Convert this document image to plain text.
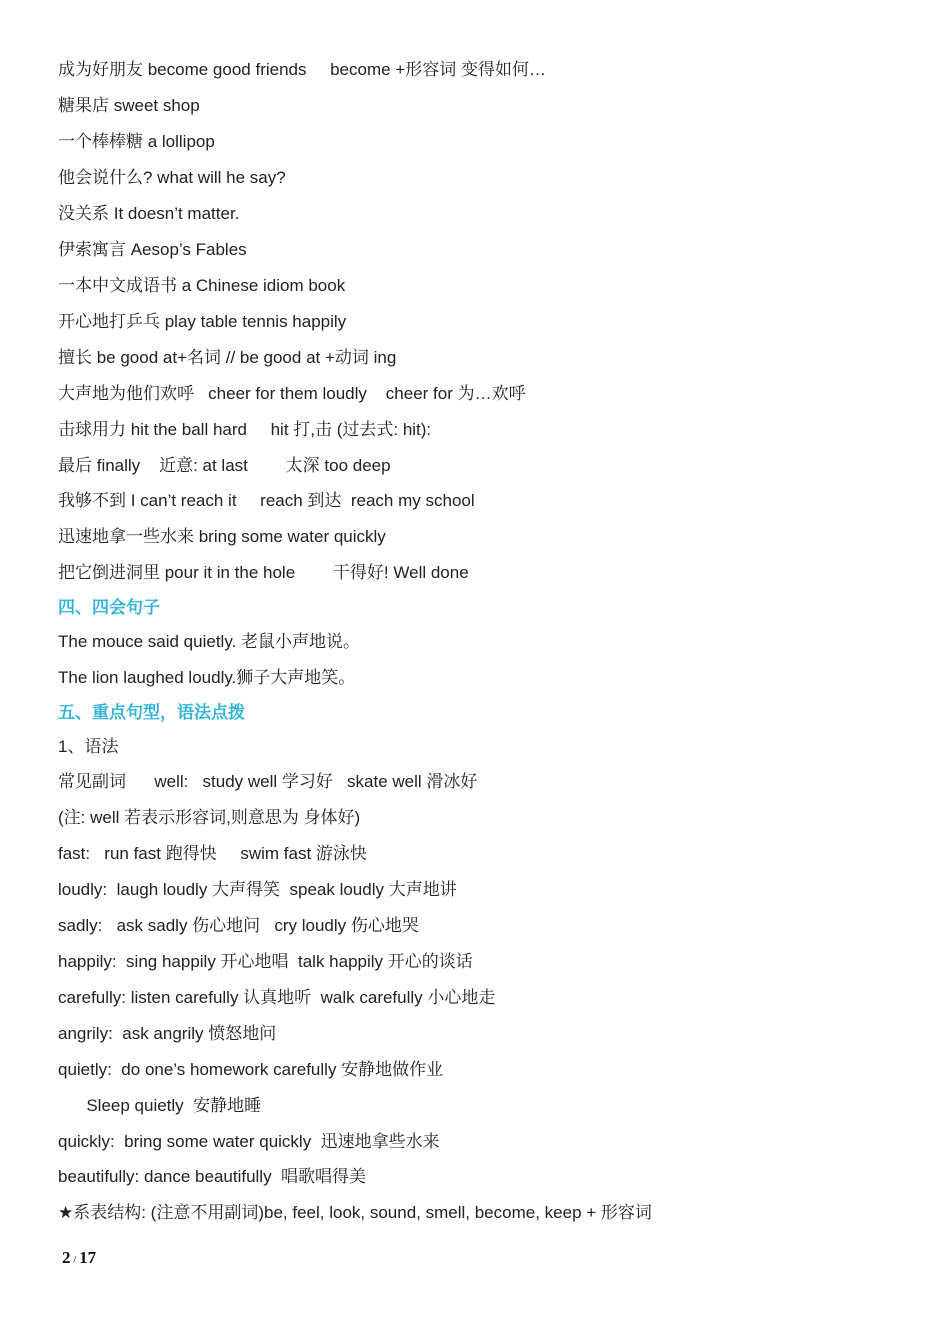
成为好朋友 become good friends     become +形容词 变得如何…
糖果店 sweet shop
一个棒棒糖 a lollipop
他会说什么? what will he say?
没关系 It doesn’t matter.
伊索寓言 Aesop’s Fables
一本中文成语书 a Chinese idiom book
开心地打乒乓 play table tennis happily
擅长 be good at+名词 // be good at +动词 ing
大声地为他们欢呼   cheer for them loudly    cheer for 为…欢呼
击球用力 hit the ball hard     hit 打,击 (过去式: hit):
最后 finally    近意: at last        太深 too deep
我够不到 I can’t reach it     reach 到达  reach my school
迅速地拿一些水来 bring some water quickly
把它倒进洞里 pour it in the hole        干得好! Well done
四、四会句子
The mouce said quietly. 老鼠小声地说。
The lion laughed loudly.狮子大声地笑。
五、重点句型，语法点拨
1、语法
常见副词      well:   study well 学习好   skate well 滑冰好
(注: well 若表示形容词,则意思为 身体好)
fast:   run fast 跑得快     swim fast 游泳快
loudly:  laugh loudly 大声得笑  speak loudly 大声地讲
sadly:   ask sadly 伤心地问   cry loudly 伤心地哭
happily:  sing happily 开心地唱  talk happily 开心的谈话
carefully: listen carefully 认真地听  walk carefully 小心地走
angrily:  ask angrily 愤怒地问
quietly:  do one’s homework carefully 安静地做作业
Sleep quietly  安静地睡
quickly:  bring some water quickly  迅速地拿些水来
beautifully: dance beautifully  唱歌唱得美
★系表结构: (注意不用副词)be, feel, look, sound, smell, become, keep + 形容词
2 / 17
